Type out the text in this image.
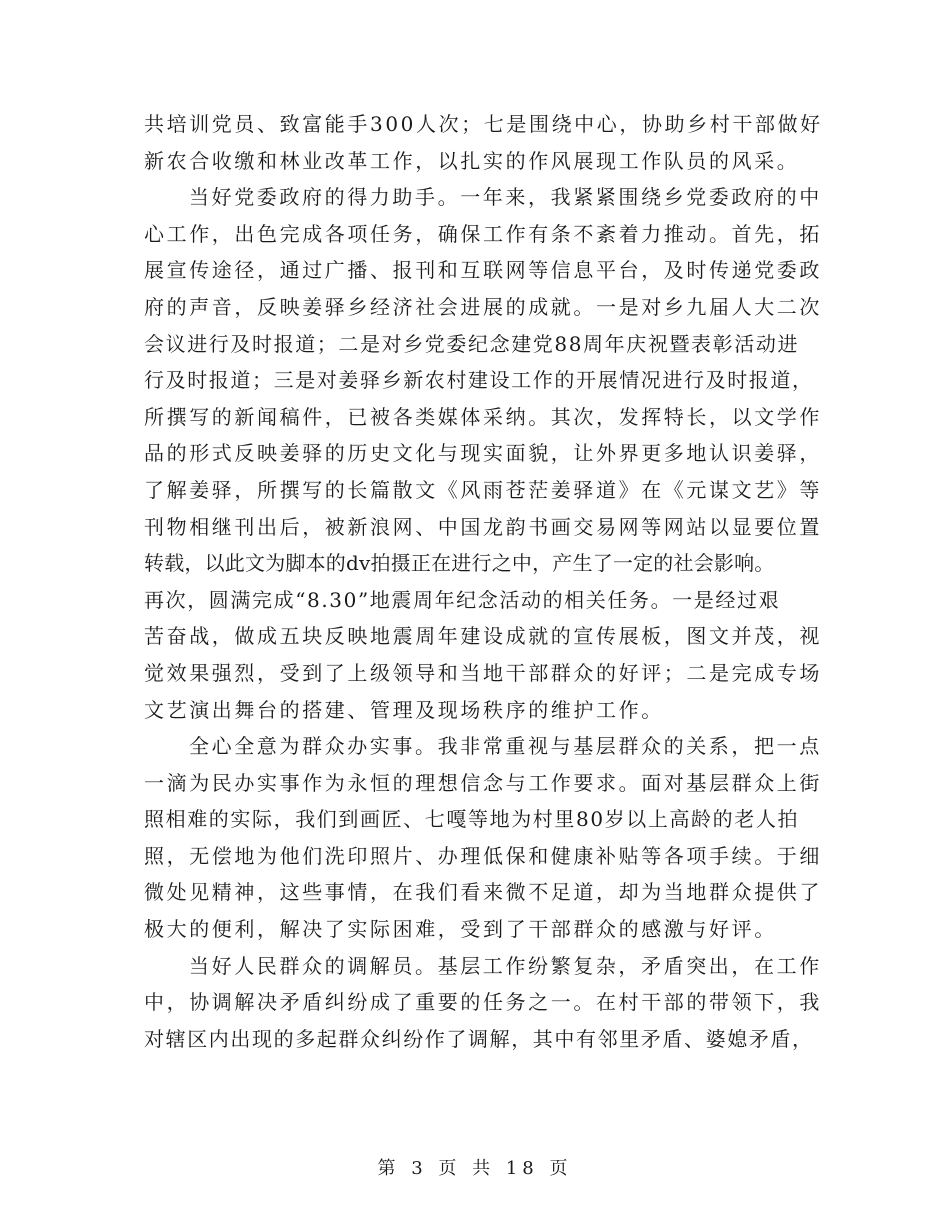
共培训党员、致富能手300人次；七是围绕中心，协助乡村干部做好
新农合收缴和林业改革工作，以扎实的作风展现工作队员的风采。
当好党委政府的得力助手。一年来，我紧紧围绕乡党委政府的中
心工作，出色完成各项任务，确保工作有条不紊着力推动。首先，拓
展宣传途径，通过广播、报刊和互联网等信息平台，及时传递党委政
府的声音，反映姜驿乡经济社会进展的成就。一是对乡九届人大二次
会议进行及时报道；二是对乡党委纪念建党88周年庆祝暨表彰活动进
行及时报道；三是对姜驿乡新农村建设工作的开展情况进行及时报道，
所撰写的新闻稿件，已被各类媒体采纳。其次，发挥特长，以文学作
品的形式反映姜驿的历史文化与现实面貌，让外界更多地认识姜驿，
了解姜驿，所撰写的长篇散文《风雨苍茫姜驿道》在《元谋文艺》等
刊物相继刊出后，被新浪网、中国龙韵书画交易网等网站以显要位置
转载，以此文为脚本的dv拍摄正在进行之中，产生了一定的社会影响。
再次，圆满完成“8.30”地震周年纪念活动的相关任务。一是经过艰
苦奋战，做成五块反映地震周年建设成就的宣传展板，图文并茂，视
觉效果强烈，受到了上级领导和当地干部群众的好评；二是完成专场
文艺演出舞台的搭建、管理及现场秩序的维护工作。
全心全意为群众办实事。我非常重视与基层群众的关系，把一点
一滴为民办实事作为永恒的理想信念与工作要求。面对基层群众上街
照相难的实际，我们到画匠、七嘎等地为村里80岁以上高龄的老人拍
照，无偿地为他们洗印照片、办理低保和健康补贴等各项手续。于细
微处见精神，这些事情，在我们看来微不足道，却为当地群众提供了
极大的便利，解决了实际困难，受到了干部群众的感激与好评。
当好人民群众的调解员。基层工作纷繁复杂，矛盾突出，在工作
中，协调解决矛盾纠纷成了重要的任务之一。在村干部的带领下，我
对辖区内出现的多起群众纠纷作了调解，其中有邻里矛盾、婆媳矛盾，
第 3 页 共 18 页
